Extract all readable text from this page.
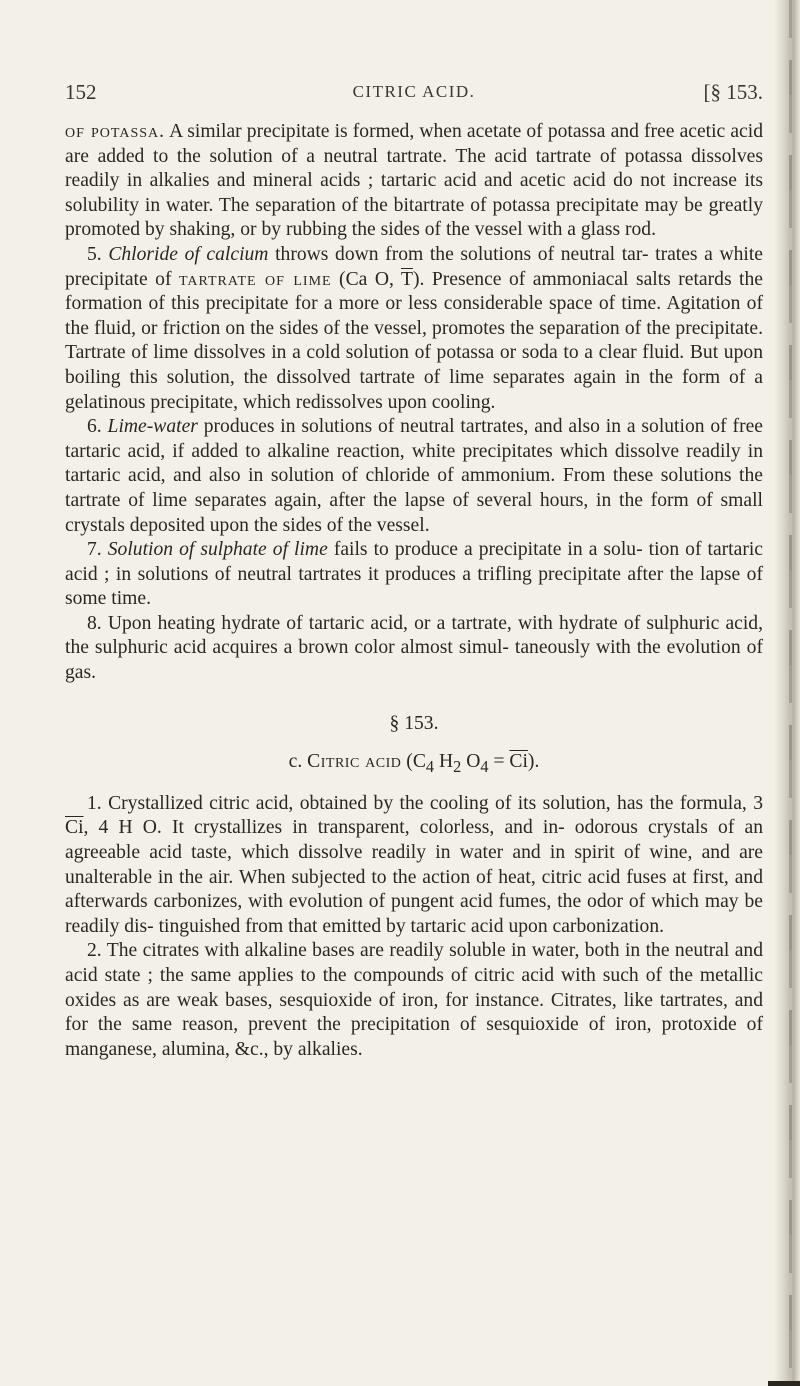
152	CITRIC ACID.	[§ 153.

of potassa. A similar precipitate is formed, when acetate of potassa and free acetic acid are added to the solution of a neutral tartrate. The acid tartrate of potassa dissolves readily in alkalies and mineral acids ; tartaric acid and acetic acid do not increase its solubility in water. The separation of the bitartrate of potassa precipitate may be greatly promoted by shaking, or by rubbing the sides of the vessel with a glass rod.

5. Chloride of calcium throws down from the solutions of neutral tar- trates a white precipitate of tartrate of lime (Ca O, $\overline{T}$). Presence of ammoniacal salts retards the formation of this precipitate for a more or less considerable space of time. Agitation of the fluid, or friction on the sides of the vessel, promotes the separation of the precipitate. Tartrate of lime dissolves in a cold solution of potassa or soda to a clear fluid. But upon boiling this solution, the dissolved tartrate of lime separates again in the form of a gelatinous precipitate, which redissolves upon cooling.

6. Lime-water produces in solutions of neutral tartrates, and also in a solution of free tartaric acid, if added to alkaline reaction, white precipitates which dissolve readily in tartaric acid, and also in solution of chloride of ammonium. From these solutions the tartrate of lime separates again, after the lapse of several hours, in the form of small crystals deposited upon the sides of the vessel.

7. Solution of sulphate of lime fails to produce a precipitate in a solu- tion of tartaric acid ; in solutions of neutral tartrates it produces a trifling precipitate after the lapse of some time.

8. Upon heating hydrate of tartaric acid, or a tartrate, with hydrate of sulphuric acid, the sulphuric acid acquires a brown color almost simul- taneously with the evolution of gas.

§ 153.
c. Citric acid ($C_4$ $H_2$ $O_4 = \overline{Ci}$).

1. Crystallized citric acid, obtained by the cooling of its solution, has the formula, 3 $\overline{Ci}$, 4 H O. It crystallizes in transparent, colorless, and in- odorous crystals of an agreeable acid taste, which dissolve readily in water and in spirit of wine, and are unalterable in the air. When subjected to the action of heat, citric acid fuses at first, and afterwards carbonizes, with evolution of pungent acid fumes, the odor of which may be readily dis- tinguished from that emitted by tartaric acid upon carbonization.

2. The citrates with alkaline bases are readily soluble in water, both in the neutral and acid state ; the same applies to the compounds of citric acid with such of the metallic oxides as are weak bases, sesquioxide of iron, for instance. Citrates, like tartrates, and for the same reason, prevent the precipitation of sesquioxide of iron, protoxide of manganese, alumina, &c., by alkalies.
